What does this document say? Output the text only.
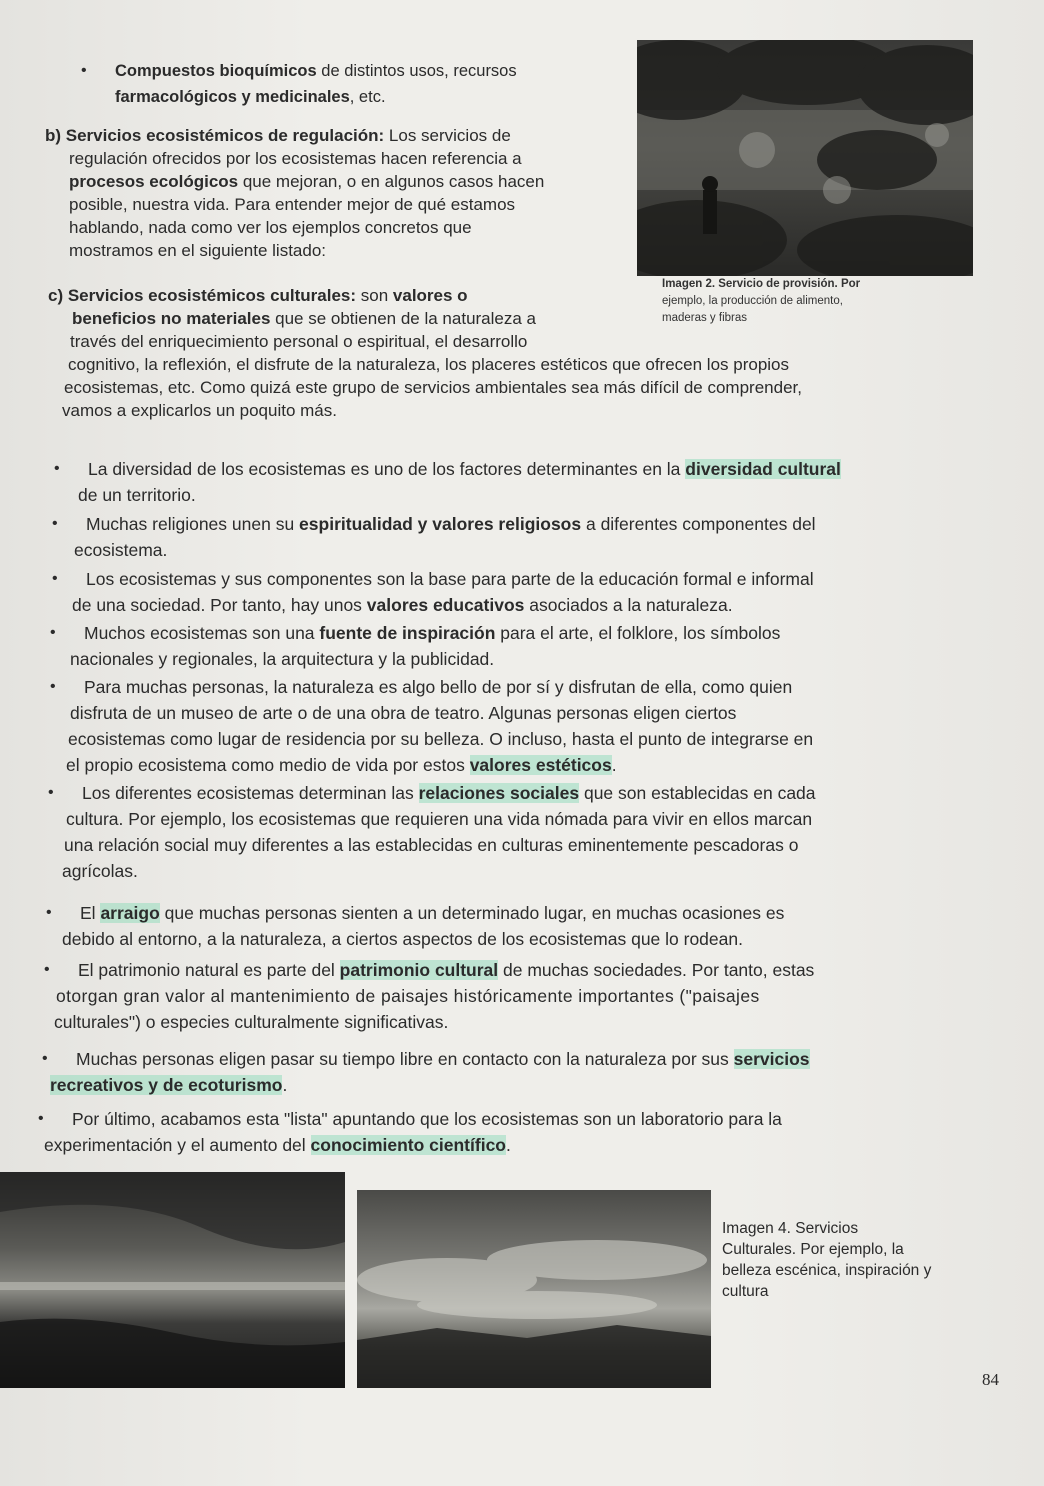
• Compuestos bioquímicos de distintos usos, recursos
farmacológicos y medicinales, etc.
b) Servicios ecosistémicos de regulación: Los servicios de
regulación ofrecidos por los ecosistemas hacen referencia a
procesos ecológicos que mejoran, o en algunos casos hacen
posible, nuestra vida. Para entender mejor de qué estamos
hablando, nada como ver los ejemplos concretos que
mostramos en el siguiente listado:
Imagen 2. Servicio de provisión. Por
ejemplo, la producción de alimento,
maderas y fibras
c) Servicios ecosistémicos culturales: son valores o
beneficios no materiales que se obtienen de la naturaleza a
través del enriquecimiento personal o espiritual, el desarrollo
cognitivo, la reflexión, el disfrute de la naturaleza, los placeres estéticos que ofrecen los propios
ecosistemas, etc. Como quizá este grupo de servicios ambientales sea más difícil de comprender,
vamos a explicarlos un poquito más.
• La diversidad de los ecosistemas es uno de los factores determinantes en la diversidad cultural
de un territorio.
• Muchas religiones unen su espiritualidad y valores religiosos a diferentes componentes del
ecosistema.
• Los ecosistemas y sus componentes son la base para parte de la educación formal e informal
de una sociedad. Por tanto, hay unos valores educativos asociados a la naturaleza.
• Muchos ecosistemas son una fuente de inspiración para el arte, el folklore, los símbolos
nacionales y regionales, la arquitectura y la publicidad.
• Para muchas personas, la naturaleza es algo bello de por sí y disfrutan de ella, como quien
disfruta de un museo de arte o de una obra de teatro. Algunas personas eligen ciertos
ecosistemas como lugar de residencia por su belleza. O incluso, hasta el punto de integrarse en
el propio ecosistema como medio de vida por estos valores estéticos.
• Los diferentes ecosistemas determinan las relaciones sociales que son establecidas en cada
cultura. Por ejemplo, los ecosistemas que requieren una vida nómada para vivir en ellos marcan
una relación social muy diferentes a las establecidas en culturas eminentemente pescadoras o
agrícolas.
• El arraigo que muchas personas sienten a un determinado lugar, en muchas ocasiones es
debido al entorno, a la naturaleza, a ciertos aspectos de los ecosistemas que lo rodean.
• El patrimonio natural es parte del patrimonio cultural de muchas sociedades. Por tanto, estas
otorgan gran valor al mantenimiento de paisajes históricamente importantes ("paisajes
culturales") o especies culturalmente significativas.
• Muchas personas eligen pasar su tiempo libre en contacto con la naturaleza por sus servicios
recreativos y de ecoturismo.
• Por último, acabamos esta "lista" apuntando que los ecosistemas son un laboratorio para la
experimentación y el aumento del conocimiento científico.
Imagen 4. Servicios
Culturales. Por ejemplo, la
belleza escénica, inspiración y
cultura
84
